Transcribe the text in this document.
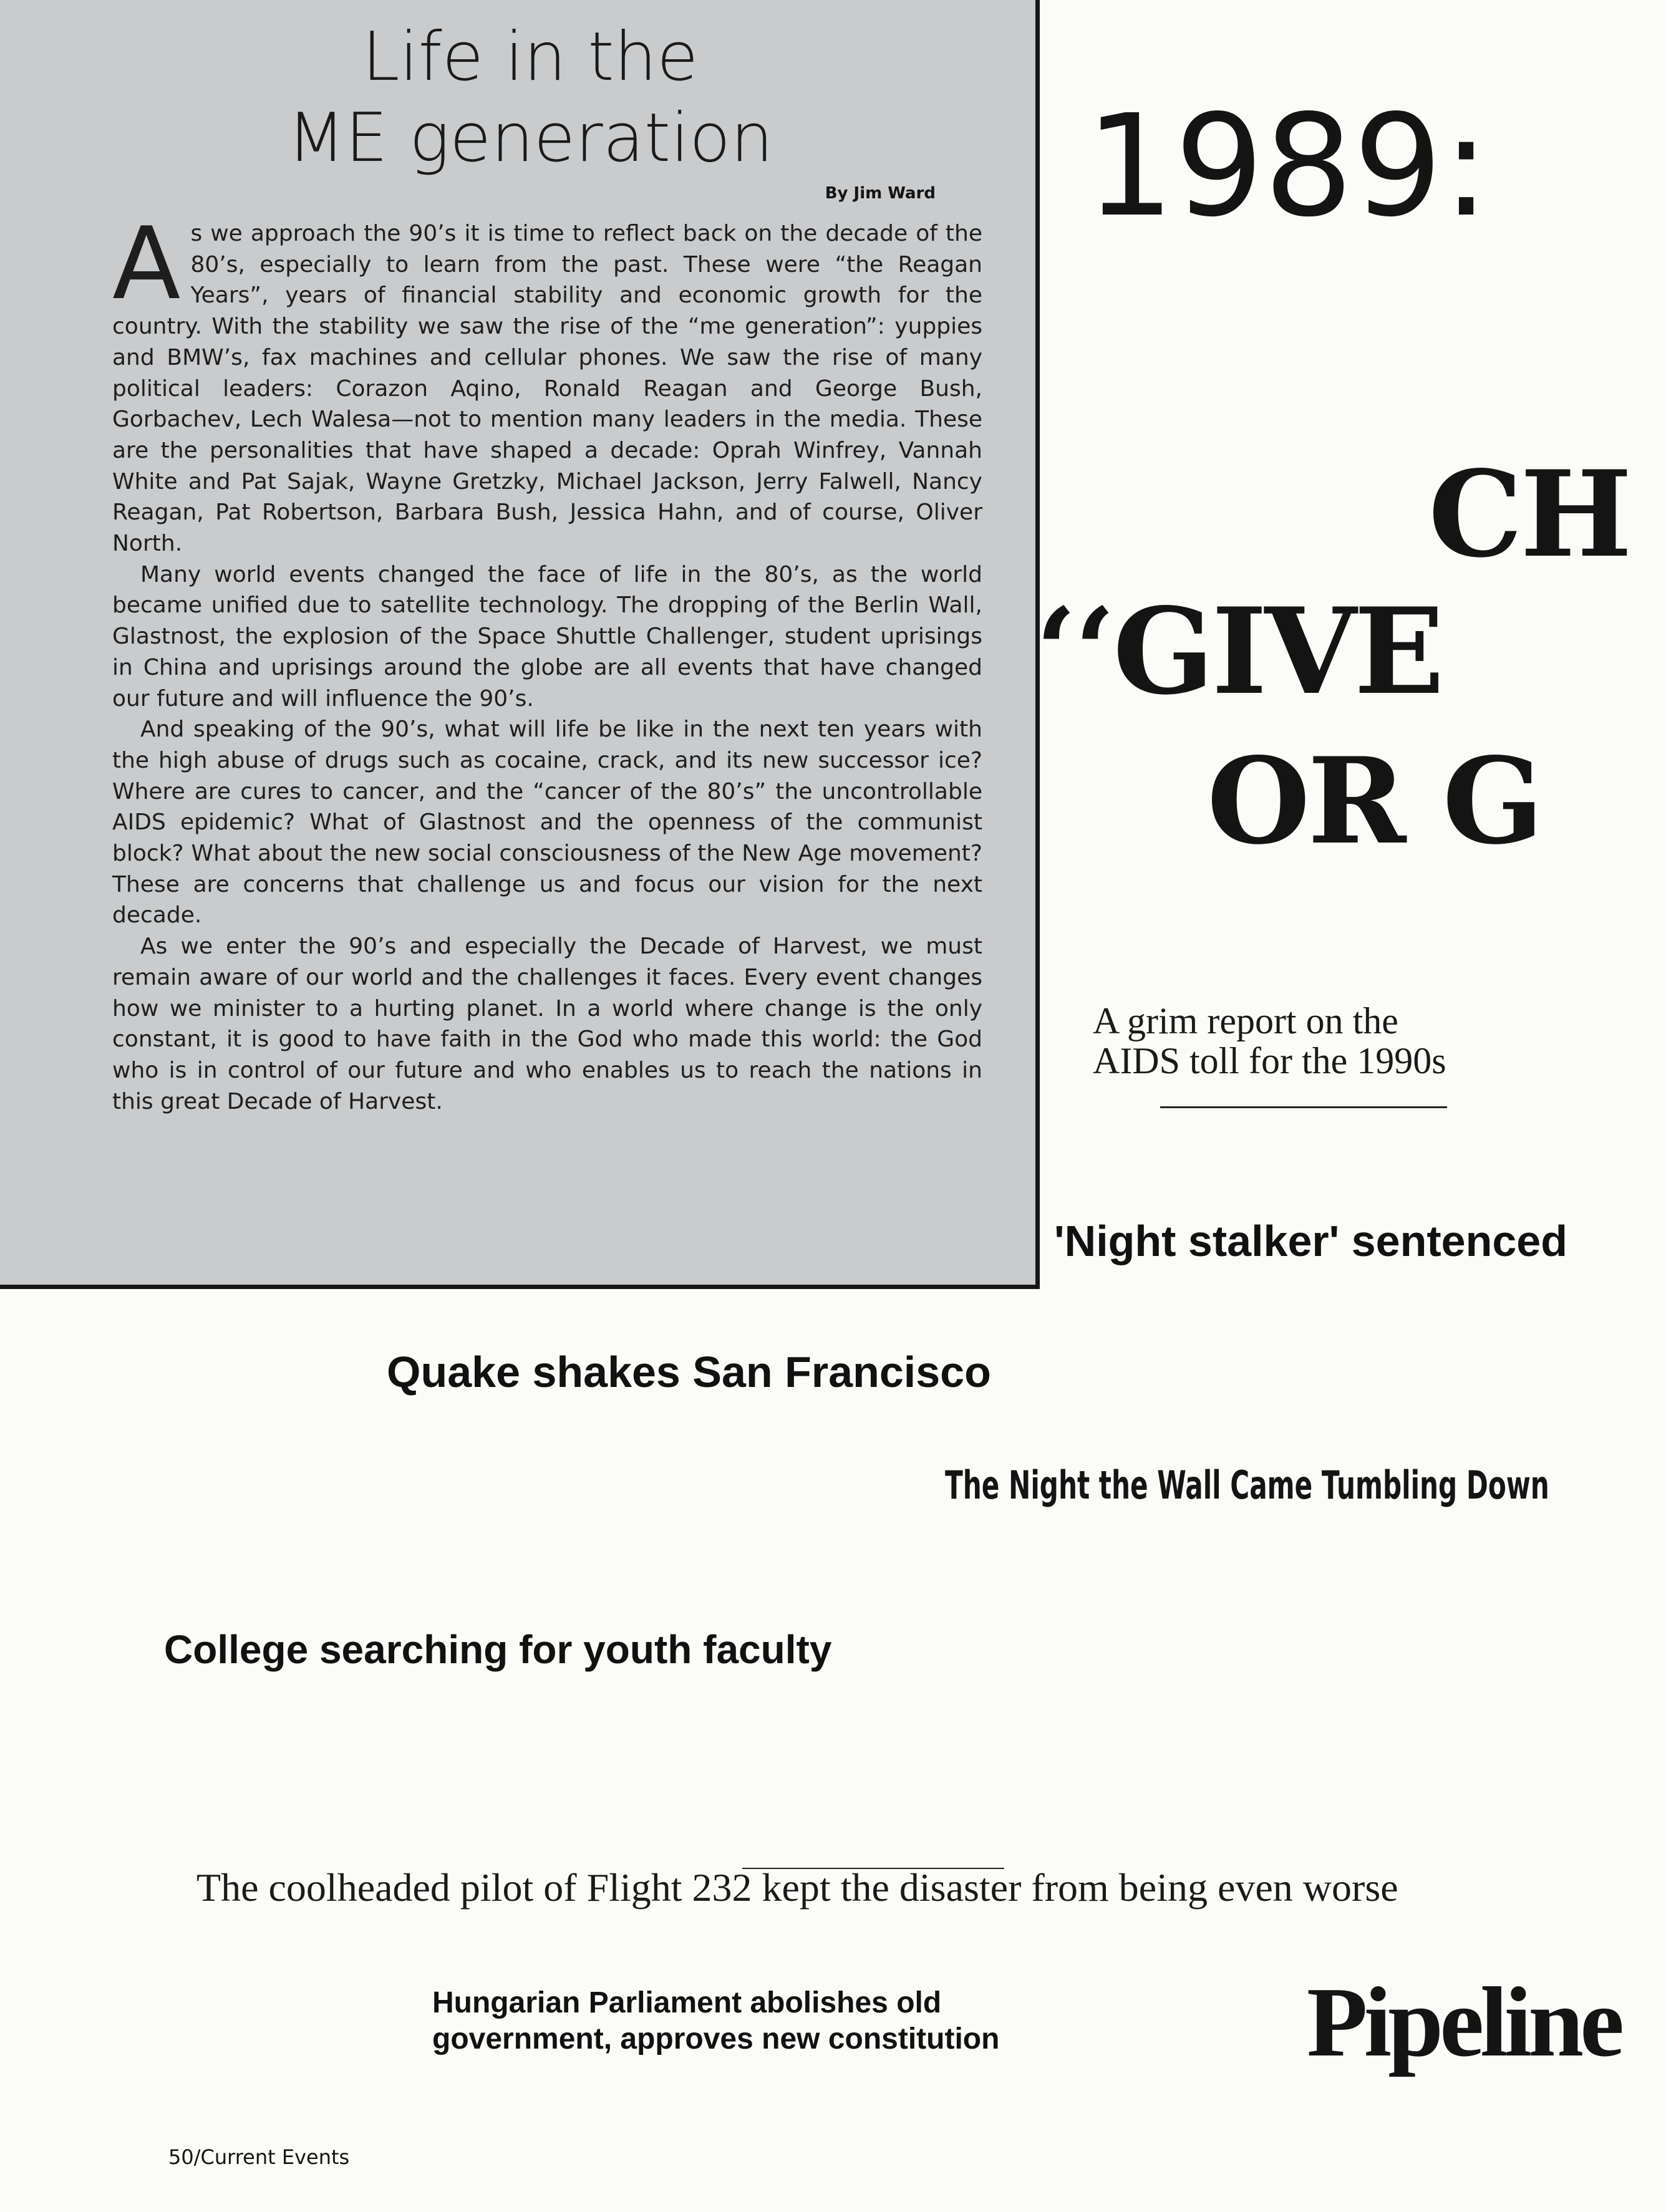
Life in the
ME generation
By Jim Ward

As we approach the 90’s it is time to reflect back on the decade of the 80’s, especially to learn from the past. These were “the Reagan Years”, years of financial stability and economic growth for the country. With the stability we saw the rise of the “me generation”: yuppies and BMW’s, fax machines and cellular phones. We saw the rise of many political leaders: Corazon Aqino, Ronald Reagan and George Bush, Gorbachev, Lech Walesa—not to mention many leaders in the media. These are the personalities that have shaped a decade: Oprah Winfrey, Vannah White and Pat Sajak, Wayne Gretzky, Michael Jackson, Jerry Falwell, Nancy Reagan, Pat Robertson, Barbara Bush, Jessica Hahn, and of course, Oliver North.

Many world events changed the face of life in the 80’s, as the world became unified due to satellite technology. The dropping of the Berlin Wall, Glastnost, the explosion of the Space Shuttle Challenger, student uprisings in China and uprisings around the globe are all events that have changed our future and will influence the 90’s.

And speaking of the 90’s, what will life be like in the next ten years with the high abuse of drugs such as cocaine, crack, and its new successor ice? Where are cures to cancer, and the “cancer of the 80’s” the uncontrollable AIDS epidemic? What of Glastnost and the openness of the communist block? What about the new social consciousness of the New Age movement? These are concerns that challenge us and focus our vision for the next decade.

As we enter the 90’s and especially the Decade of Harvest, we must remain aware of our world and the challenges it faces. Every event changes how we minister to a hurting planet. In a world where change is the only constant, it is good to have faith in the God who made this world: the God who is in control of our future and who enables us to reach the nations in this great Decade of Harvest.

1989:
CH
‘‘GIVE
OR G
A grim report on the
AIDS toll for the 1990s
'Night stalker' sentenced
Quake shakes San Francisco
The Night the Wall Came Tumbling Down
College searching for youth faculty
The coolheaded pilot of Flight 232 kept the disaster from being even worse
Hungarian Parliament abolishes old
government, approves new constitution	Pipeline
50/Current Events
